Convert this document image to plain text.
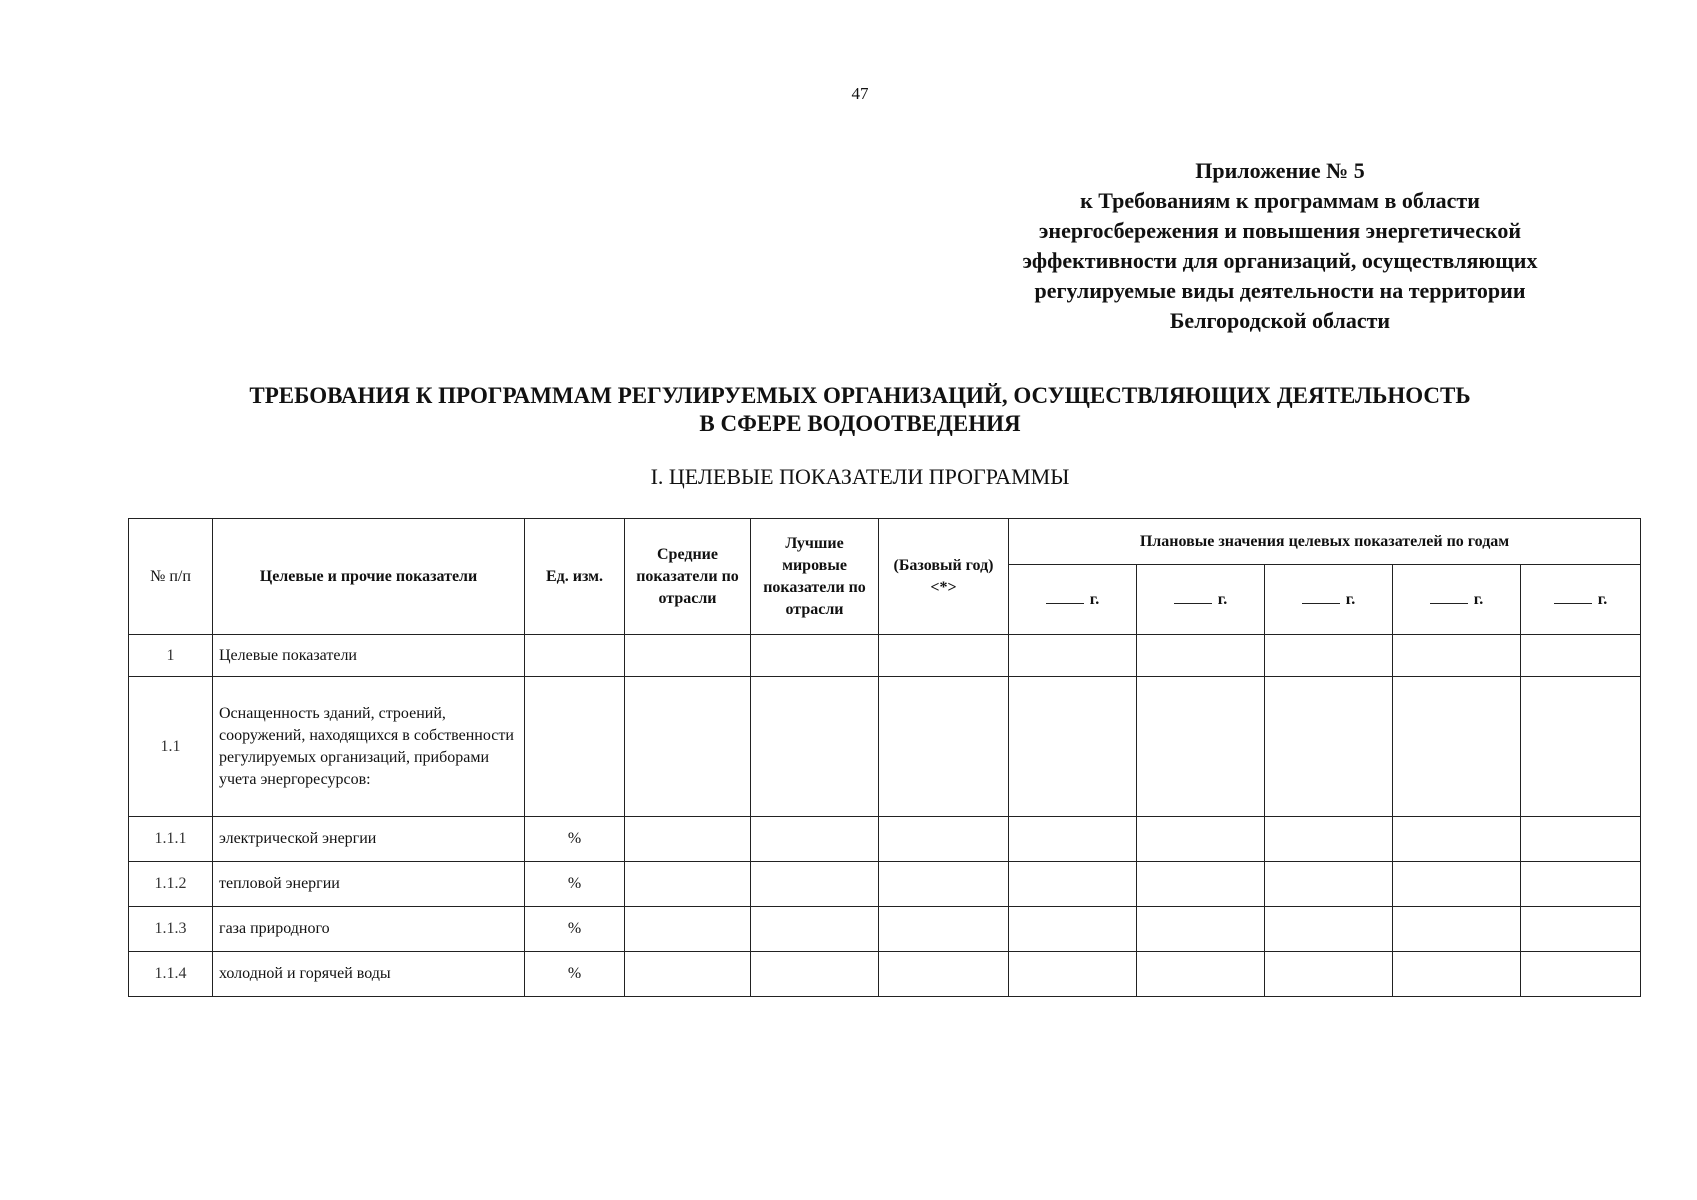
47
Приложение № 5
к Требованиям к программам в области
энергосбережения и повышения энергетической
эффективности для организаций, осуществляющих
регулируемые виды деятельности на территории
Белгородской области
ТРЕБОВАНИЯ К ПРОГРАММАМ РЕГУЛИРУЕМЫХ ОРГАНИЗАЦИЙ, ОСУЩЕСТВЛЯЮЩИХ ДЕЯТЕЛЬНОСТЬ
В СФЕРЕ ВОДООТВЕДЕНИЯ
I. ЦЕЛЕВЫЕ ПОКАЗАТЕЛИ ПРОГРАММЫ
№ п/п	Целевые и прочие показатели	Ед. изм.	Средние показатели по отрасли	Лучшие мировые показатели по отрасли	(Базовый год) <*>	Плановые значения целевых показателей по годам				
						г.	г.	г.	г.	г.
1	Целевые показатели									
1.1	Оснащенность зданий, строений, сооружений, находящихся в собственности регулируемых организаций, приборами учета энергоресурсов:									
1.1.1	электрической энергии	%								
1.1.2	тепловой энергии	%								
1.1.3	газа природного	%								
1.1.4	холодной и горячей воды	%								
